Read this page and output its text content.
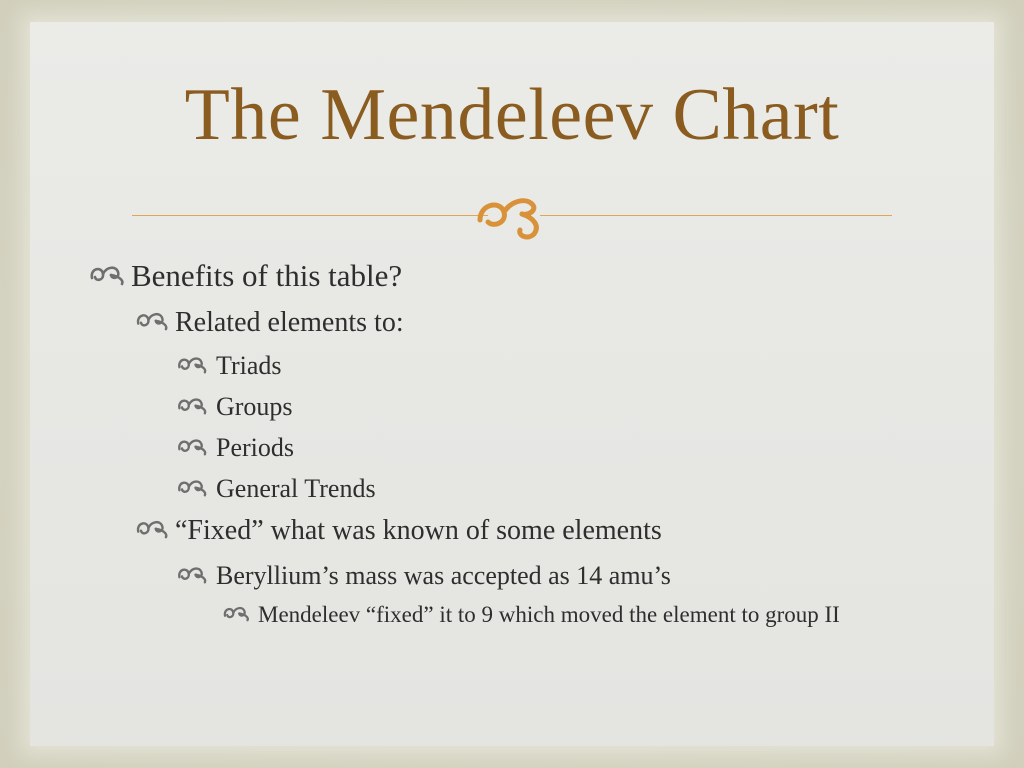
The Mendeleev Chart
Benefits of this table?
Related elements to:
Triads
Groups
Periods
General Trends
“Fixed” what was known of some elements
Beryllium’s mass was accepted as 14 amu’s
Mendeleev “fixed” it to 9 which moved the element to group II
